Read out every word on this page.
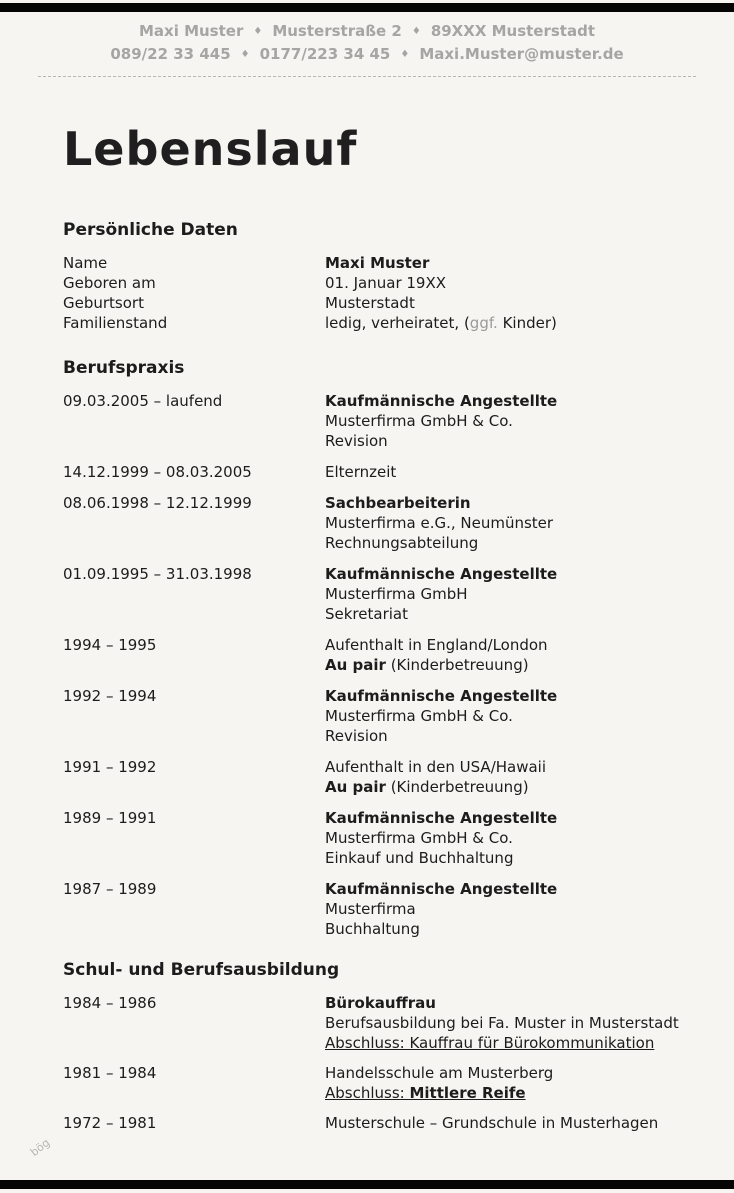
Maxi Muster ♦ Musterstraße 2 ♦ 89XXX Musterstadt
089/22 33 445 ♦ 0177/223 34 45 ♦ Maxi.Muster@muster.de
Lebenslauf
Persönliche Daten
Name	Maxi Muster
Geboren am	01. Januar 19XX
Geburtsort	Musterstadt
Familienstand	ledig, verheiratet, (ggf. Kinder)
Berufspraxis
09.03.2005 – laufend	Kaufmännische Angestellte
Musterfirma GmbH & Co.
Revision
14.12.1999 – 08.03.2005	Elternzeit
08.06.1998 – 12.12.1999	Sachbearbeiterin
Musterfirma e.G., Neumünster
Rechnungsabteilung
01.09.1995 – 31.03.1998	Kaufmännische Angestellte
Musterfirma GmbH
Sekretariat
1994 – 1995	Aufenthalt in England/London
Au pair (Kinderbetreuung)
1992 – 1994	Kaufmännische Angestellte
Musterfirma GmbH & Co.
Revision
1991 – 1992	Aufenthalt in den USA/Hawaii
Au pair (Kinderbetreuung)
1989 – 1991	Kaufmännische Angestellte
Musterfirma GmbH & Co.
Einkauf und Buchhaltung
1987 – 1989	Kaufmännische Angestellte
Musterfirma
Buchhaltung
Schul- und Berufsausbildung
1984 – 1986	Bürokauffrau
Berufsausbildung bei Fa. Muster in Musterstadt
Abschluss: Kauffrau für Bürokommunikation
1981 – 1984	Handelsschule am Musterberg
Abschluss: Mittlere Reife
1972 – 1981	Musterschule – Grundschule in Musterhagen
bög
